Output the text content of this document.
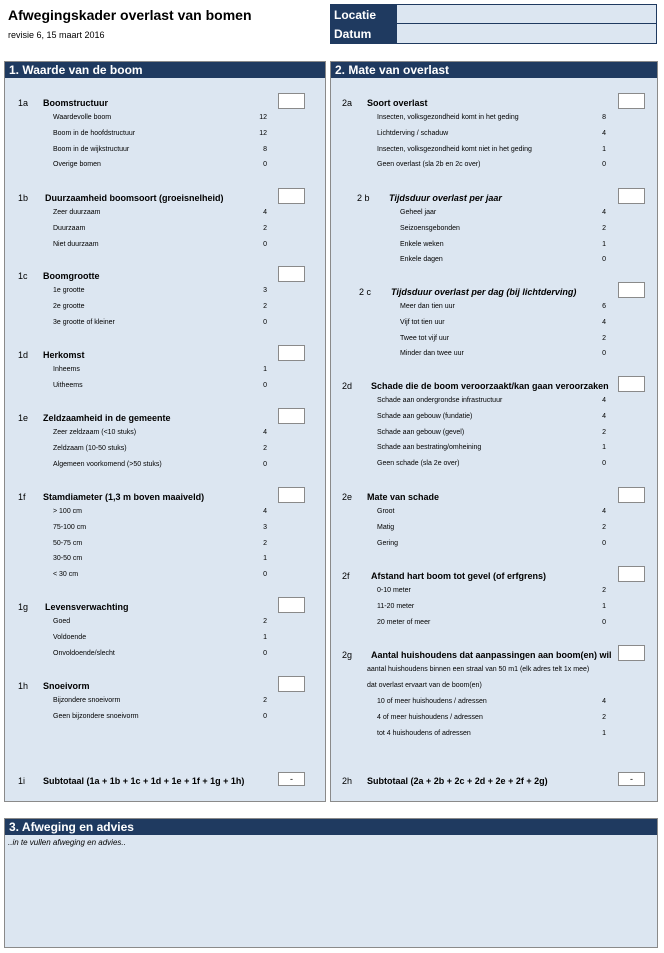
Afwegingskader overlast van bomen
revisie 6, 15 maart 2016
Locatie
Datum
1. Waarde van de boom
1a Boomstructuur
Waardevolle boom	12
Boom in de hoofdstructuur	12
Boom in de wijkstructuur	8
Overige bomen	0
1b Duurzaamheid boomsoort (groeisnelheid)
Zeer duurzaam	4
Duurzaam	2
Niet duurzaam	0
1c Boomgrootte
1e grootte	3
2e grootte	2
3e grootte of kleiner	0
1d Herkomst
Inheems	1
Uitheems	0
1e Zeldzaamheid in de gemeente
Zeer zeldzaam (<10 stuks)	4
Zeldzaam (10-50 stuks)	2
Algemeen voorkomend (>50 stuks)	0
1f Stamdiameter (1,3 m boven maaiveld)
> 100 cm	4
75-100 cm	3
50-75 cm	2
30-50 cm	1
< 30 cm	0
1g Levensverwachting
Goed	2
Voldoende	1
Onvoldoende/slecht	0
1h Snoeivorm
Bijzondere snoeivorm	2
Geen bijzondere snoeivorm	0
1i Subtotaal (1a + 1b + 1c + 1d + 1e + 1f + 1g + 1h)	-
2. Mate van overlast
2a Soort overlast
Insecten, volksgezondheid komt in het geding	8
Lichtderving / schaduw	4
Insecten, volksgezondheid komt niet in het geding	1
Geen overlast (sla 2b en 2c over)	0
2 b Tijdsduur overlast per jaar
Geheel jaar	4
Seizoensgebonden	2
Enkele weken	1
Enkele dagen	0
2 c Tijdsduur overlast per dag (bij lichtderving)
Meer dan tien uur	6
Vijf tot tien uur	4
Twee tot vijf uur	2
Minder dan twee uur	0
2d Schade die de boom veroorzaakt/kan gaan veroorzaken
Schade aan ondergrondse infrastructuur	4
Schade aan gebouw (fundatie)	4
Schade aan gebouw (gevel)	2
Schade aan bestrating/omheining	1
Geen schade (sla 2e over)	0
2e Mate van schade
Groot	4
Matig	2
Gering	0
2f Afstand hart boom tot gevel (of erfgrens)
0-10 meter	2
11-20 meter	1
20 meter of meer	0
2g Aantal huishoudens dat aanpassingen aan boom(en) wil
aantal huishoudens binnen een straal van 50 m1 (elk adres telt 1x mee)
dat overlast ervaart van de boom(en)
10 of meer huishoudens / adressen	4
4 of meer huishoudens / adressen	2
tot 4 huishoudens of adressen	1
2h Subtotaal (2a + 2b + 2c + 2d + 2e + 2f + 2g)	-
3. Afweging en advies
..in te vullen afweging en advies..
